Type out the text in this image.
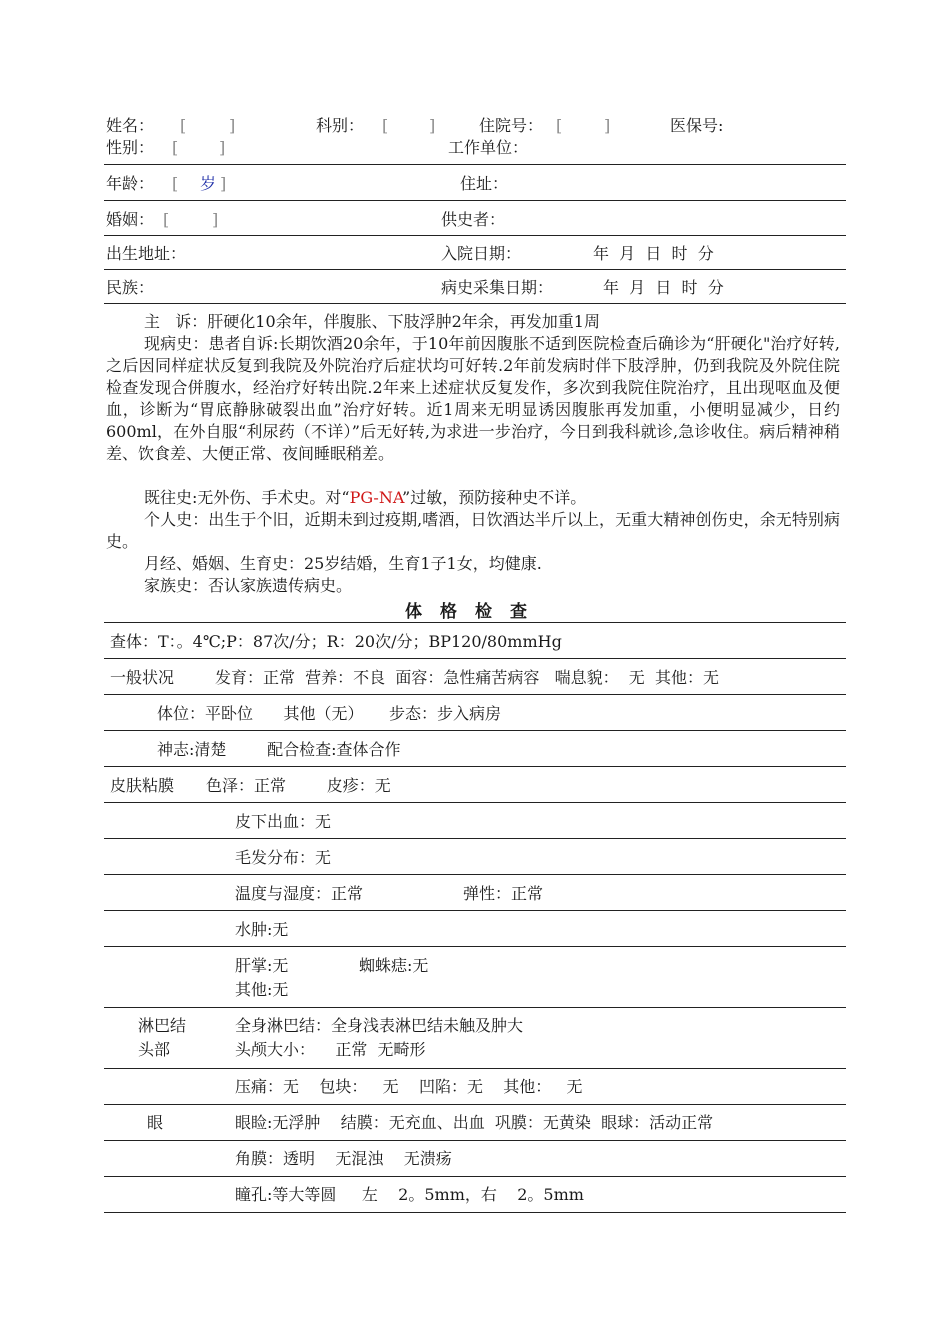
姓名： [	]	科别： [	]	住院号： [	]	医保号:
性别： [	]	工作单位：
年龄： [ 岁 ]	住址：
婚姻： [	]	供史者：
出生地址：	入院日期：	年  月  日  时  分
民族：	病史采集日期：	年  月  日  时  分
主   诉：肝硬化10余年，伴腹胀、下肢浮肿2年余，再发加重1周
现病史：患者自诉:长期饮酒20余年，于10年前因腹胀不适到医院检查后确诊为“肝硬化"治疗好转,之后因同样症状反复到我院及外院治疗后症状均可好转.2年前发病时伴下肢浮肿，仍到我院及外院住院检查发现合併腹水，经治疗好转出院.2年来上述症状反复发作，多次到我院住院治疗，且出现呕血及便血，诊断为“胃底静脉破裂出血”治疗好转。近1周来无明显诱因腹胀再发加重，小便明显减少，日约600ml，在外自服“利尿药（不详）”后无好转,为求进一步治疗，今日到我科就诊,急诊收住。病后精神稍差、饮食差、大便正常、夜间睡眠稍差。
既往史:无外伤、手术史。对“PG-NA”过敏，预防接种史不详。
个人史：出生于个旧，近期未到过疫期,嗜酒，日饮酒达半斤以上，无重大精神创伤史，余无特别病史。
月经、婚姻、生育史：25岁结婚，生育1子1女，均健康.
家族史：否认家族遗传病史。
体格检查
查体：T：。4℃;P：87次/分；R：20次/分；BP120/80mmHg
一般状况	发育：正常  营养：不良  面容：急性痛苦病容   喘息貌：  无  其他：无
体位：平卧位      其他（无）     步态：步入病房
神志:清楚        配合检查:查体合作
皮肤粘膜 色泽：正常        皮疹：无
皮下出血：无
毛发分布：无
温度与湿度：正常	弹性：正常
水肿:无
肝掌:无	蜘蛛痣:无
其他:无
淋巴结	全身淋巴结：全身浅表淋巴结未触及肿大
头部	头颅大小：    正常  无畸形
压痛：无    包块：   无    凹陷：无    其他：   无
眼	眼睑:无浮肿    结膜：无充血、出血  巩膜：无黄染  眼球：活动正常
角膜：透明    无混浊    无溃疡
瞳孔:等大等圆     左    2。5mm，右    2。5mm
